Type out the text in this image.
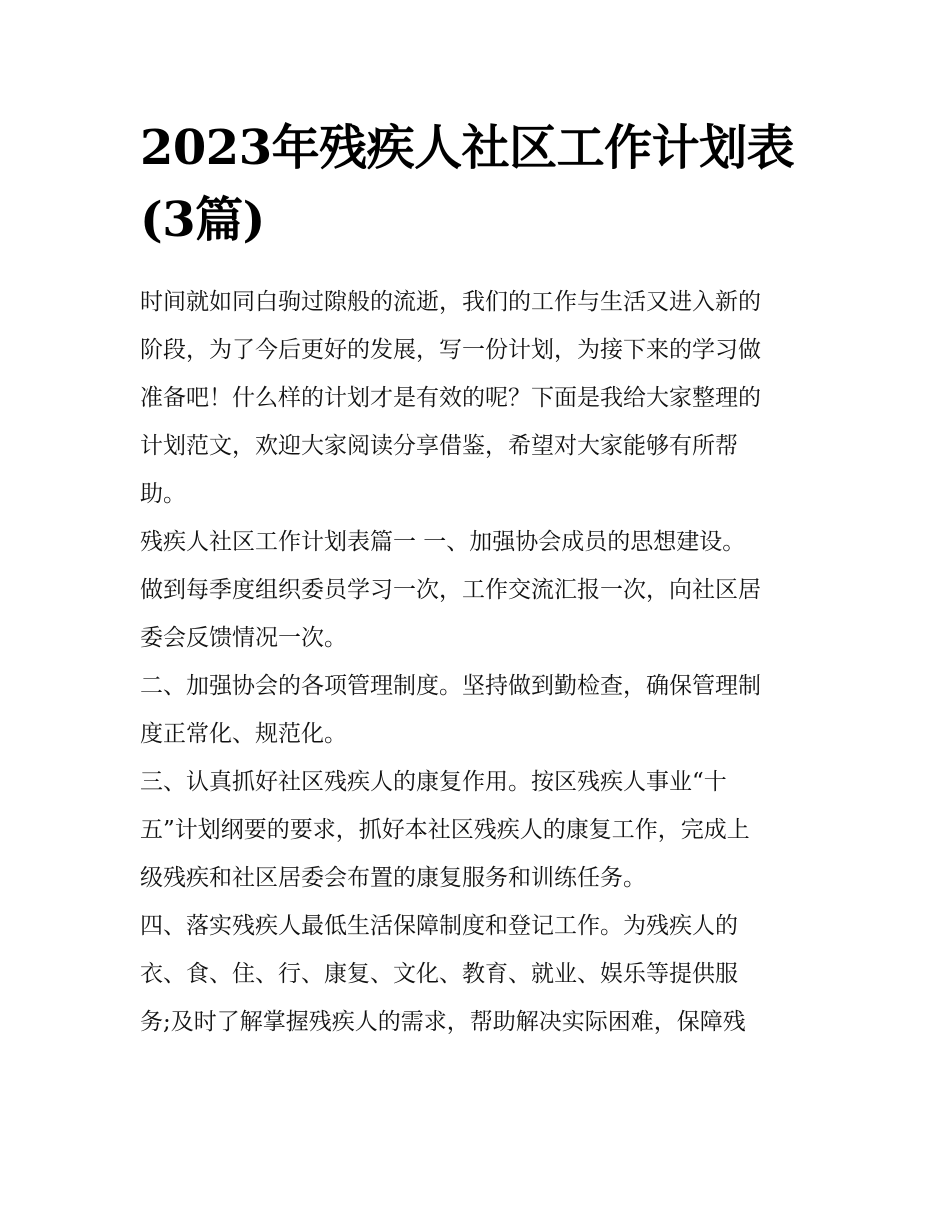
2023年残疾人社区工作计划表
(3篇)
时间就如同白驹过隙般的流逝，我们的工作与生活又进入新的
阶段，为了今后更好的发展，写一份计划，为接下来的学习做
准备吧！什么样的计划才是有效的呢？下面是我给大家整理的
计划范文，欢迎大家阅读分享借鉴，希望对大家能够有所帮
助。
残疾人社区工作计划表篇一 一、加强协会成员的思想建设。
做到每季度组织委员学习一次，工作交流汇报一次，向社区居
委会反馈情况一次。
二、加强协会的各项管理制度。坚持做到勤检查，确保管理制
度正常化、规范化。
三、认真抓好社区残疾人的康复作用。按区残疾人事业“十
五”计划纲要的要求，抓好本社区残疾人的康复工作，完成上
级残疾和社区居委会布置的康复服务和训练任务。
四、落实残疾人最低生活保障制度和登记工作。为残疾人的
衣、食、住、行、康复、文化、教育、就业、娱乐等提供服
务;及时了解掌握残疾人的需求，帮助解决实际困难，保障残
